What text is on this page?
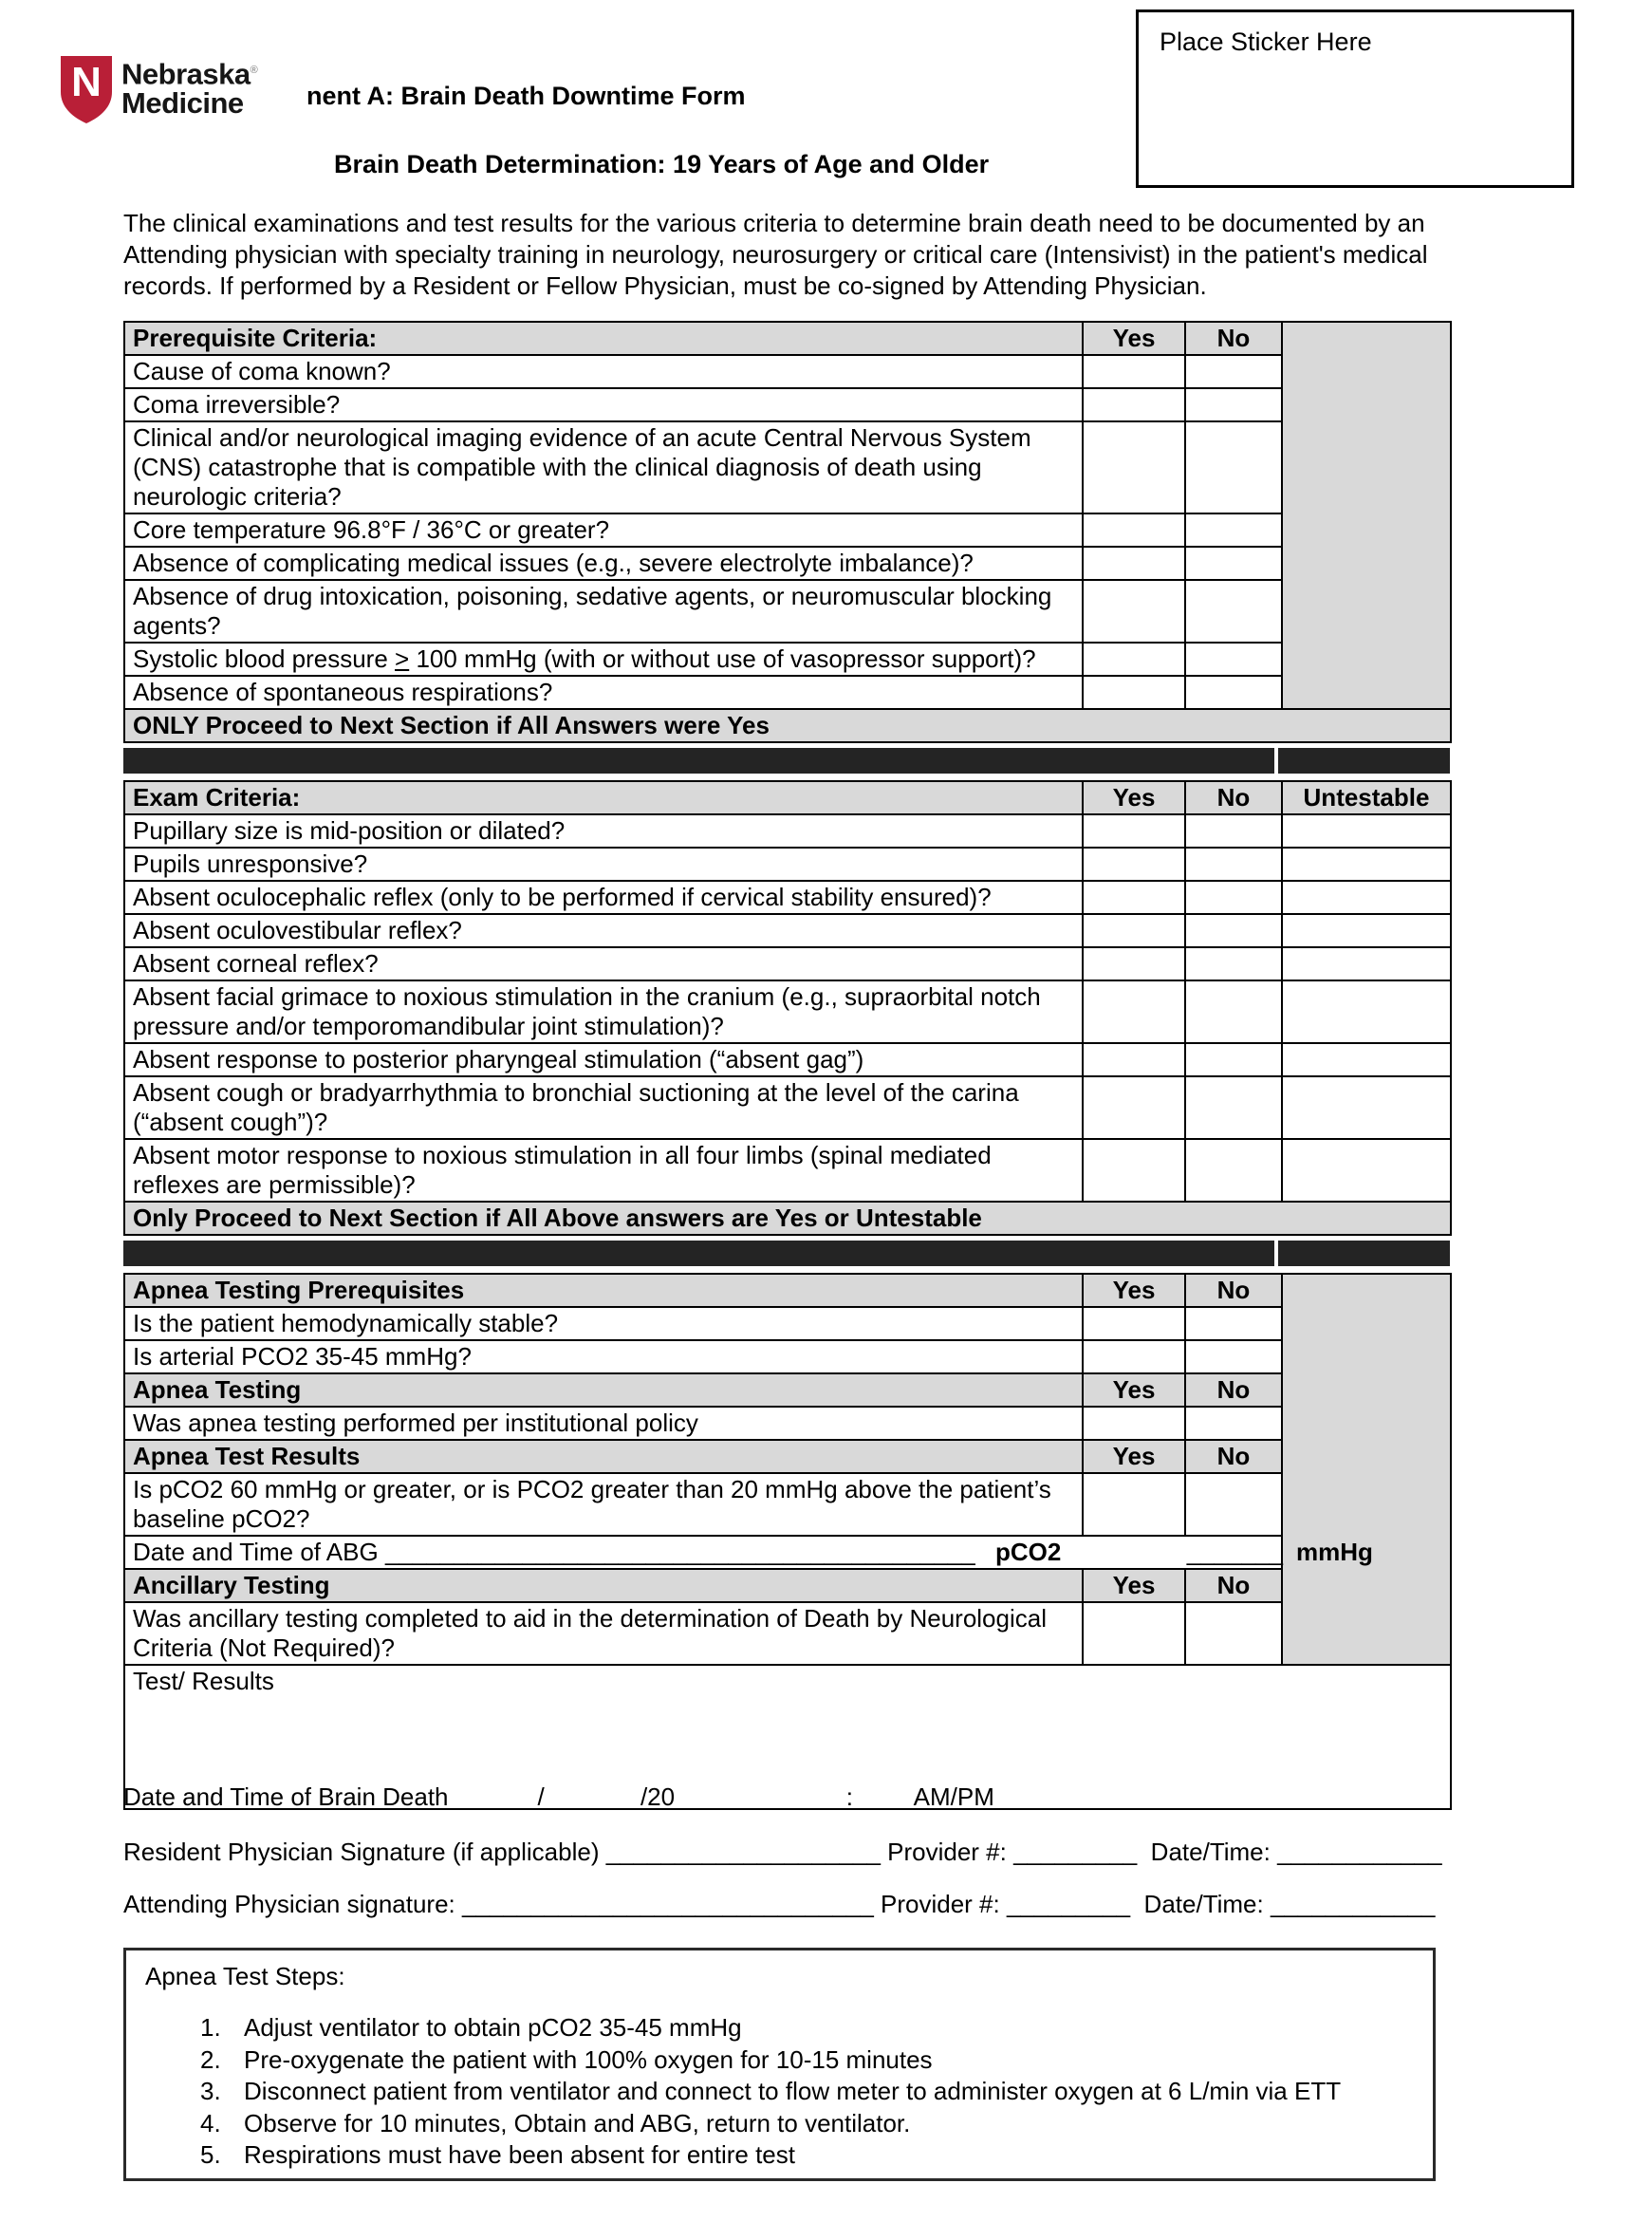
N Nebraska®
Medicine	nent A: Brain Death Downtime Form
Brain Death Determination: 19 Years of Age and Older
Place Sticker Here
The clinical examinations and test results for the various criteria to determine brain death need to be documented by an Attending physician with specialty training in neurology, neurosurgery or critical care (Intensivist) in the patient's medical records. If performed by a Resident or Fellow Physician, must be co-signed by Attending Physician.
Prerequisite Criteria:	Yes	No	
Cause of coma known?			
Coma irreversible?			
Clinical and/or neurological imaging evidence of an acute Central Nervous System (CNS) catastrophe that is compatible with the clinical diagnosis of death using neurologic criteria?			
Core temperature 96.8°F / 36°C or greater?			
Absence of complicating medical issues (e.g., severe electrolyte imbalance)?			
Absence of drug intoxication, poisoning, sedative agents, or neuromuscular blocking agents?			
Systolic blood pressure ≥ 100 mmHg (with or without use of vasopressor support)?			
Absence of spontaneous respirations?			
ONLY Proceed to Next Section if All Answers were Yes			
Exam Criteria:	Yes	No	Untestable
Pupillary size is mid-position or dilated?			
Pupils unresponsive?			
Absent oculocephalic reflex (only to be performed if cervical stability ensured)?			
Absent oculovestibular reflex?			
Absent corneal reflex?			
Absent facial grimace to noxious stimulation in the cranium (e.g., supraorbital notch pressure and/or temporomandibular joint stimulation)?			
Absent response to posterior pharyngeal stimulation (“absent gag”)			
Absent cough or bradyarrhythmia to bronchial suctioning at the level of the carina (“absent cough”)?			
Absent motor response to noxious stimulation in all four limbs (spinal mediated reflexes are permissible)?			
Only Proceed to Next Section if All Above answers are Yes or Untestable			
Apnea Testing Prerequisites	Yes	No	
Is the patient hemodynamically stable?			
Is arterial PCO2 35-45 mmHg?			
Apnea Testing	Yes	No	
Was apnea testing performed per institutional policy			
Apnea Test Results	Yes	No	
Is pCO2 60 mmHg or greater, or is PCO2 greater than 20 mmHg above the patient’s baseline pCO2?			
Date and Time of ABG ___________________________________________ pCO2 _______ mmHg			
Ancillary Testing	Yes	No	
Was ancillary testing completed to aid in the determination of Death by Neurological Criteria (Not Required)?			
Test/ Results			
Date and Time of Brain Death ______/_______/20____         ____:____ AM/PM
Resident Physician Signature (if applicable) ____________________ Provider #: _________  Date/Time: ____________
Attending Physician signature: ______________________________ Provider #: _________  Date/Time: ____________
Apnea Test Steps:
1. Adjust ventilator to obtain pCO2 35-45 mmHg
2. Pre-oxygenate the patient with 100% oxygen for 10-15 minutes
3. Disconnect patient from ventilator and connect to flow meter to administer oxygen at 6 L/min via ETT
4. Observe for 10 minutes, Obtain and ABG, return to ventilator.
5. Respirations must have been absent for entire test
